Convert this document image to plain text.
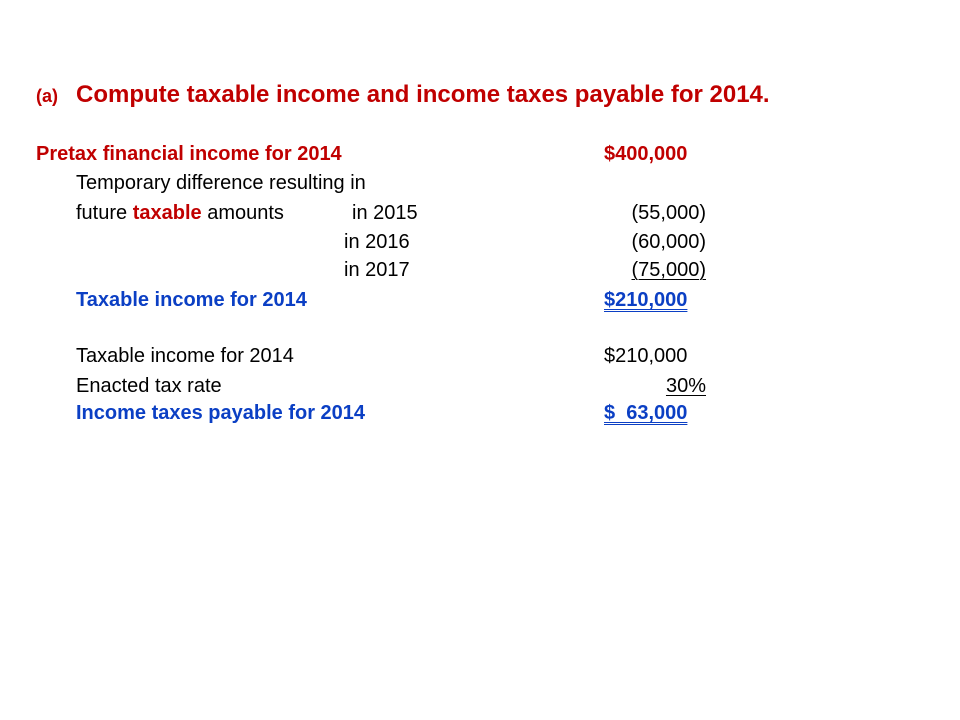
(a) Compute taxable income and income taxes payable for 2014.
Pretax financial income for 2014	$400,000
Temporary difference resulting in
future taxable amounts	in 2015	(55,000)
in 2016	(60,000)
in 2017	(75,000)
Taxable income for 2014	$210,000
Taxable income for 2014	$210,000
Enacted tax rate	30%
Income taxes payable for 2014	$  63,000
